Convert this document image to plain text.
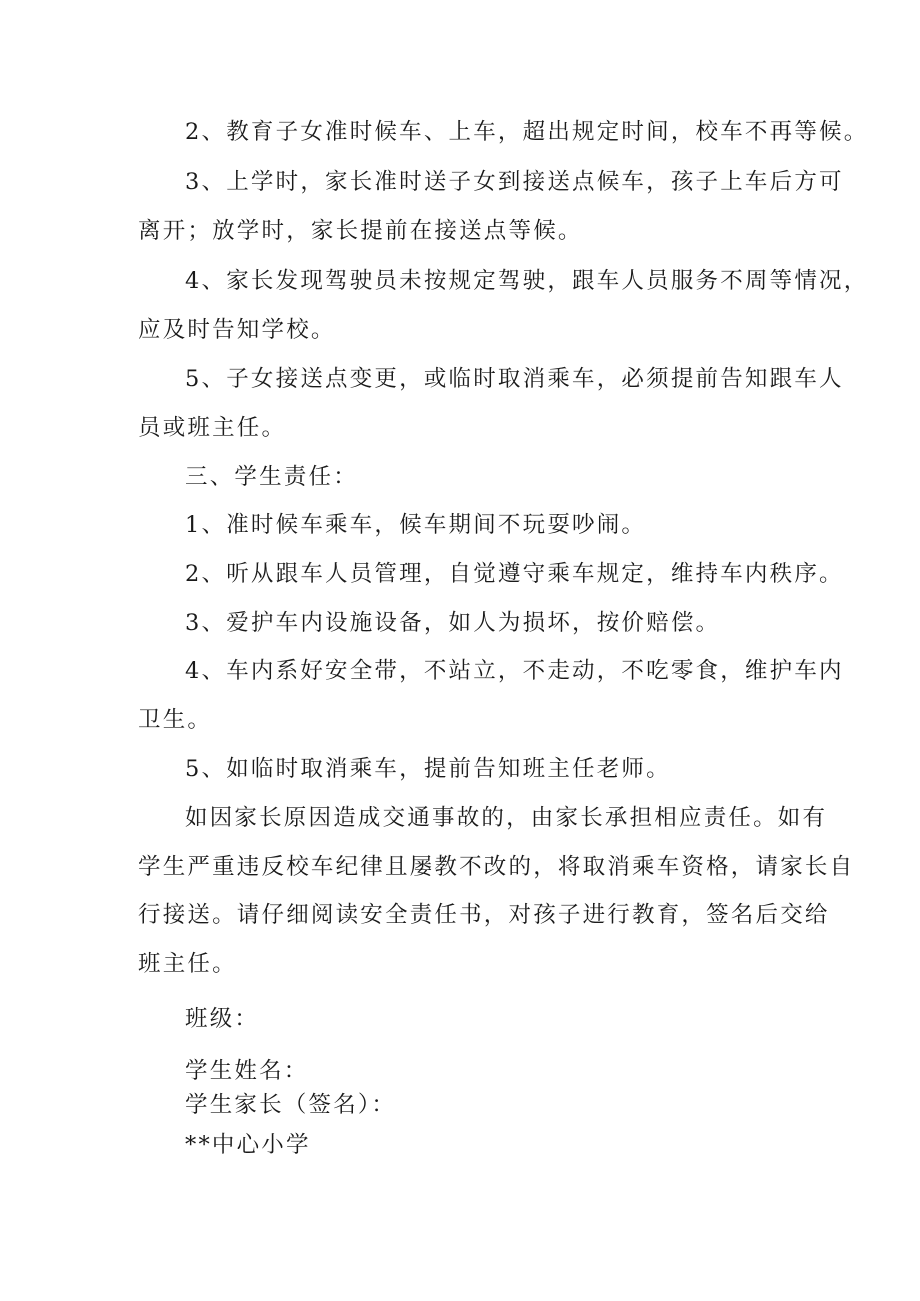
2、教育子女准时候车、上车，超出规定时间，校车不再等候。

3、上学时，家长准时送子女到接送点候车，孩子上车后方可
离开；放学时，家长提前在接送点等候。

4、家长发现驾驶员未按规定驾驶，跟车人员服务不周等情况，
应及时告知学校。

5、子女接送点变更，或临时取消乘车，必须提前告知跟车人
员或班主任。

三、学生责任：

1、准时候车乘车，候车期间不玩耍吵闹。

2、听从跟车人员管理，自觉遵守乘车规定，维持车内秩序。

3、爱护车内设施设备，如人为损坏，按价赔偿。

4、车内系好安全带，不站立，不走动，不吃零食，维护车内
卫生。

5、如临时取消乘车，提前告知班主任老师。

如因家长原因造成交通事故的，由家长承担相应责任。如有
学生严重违反校车纪律且屡教不改的，将取消乘车资格，请家长自
行接送。请仔细阅读安全责任书，对孩子进行教育，签名后交给
班主任。

班级：

学生姓名：
学生家长（签名）：

**中心小学
